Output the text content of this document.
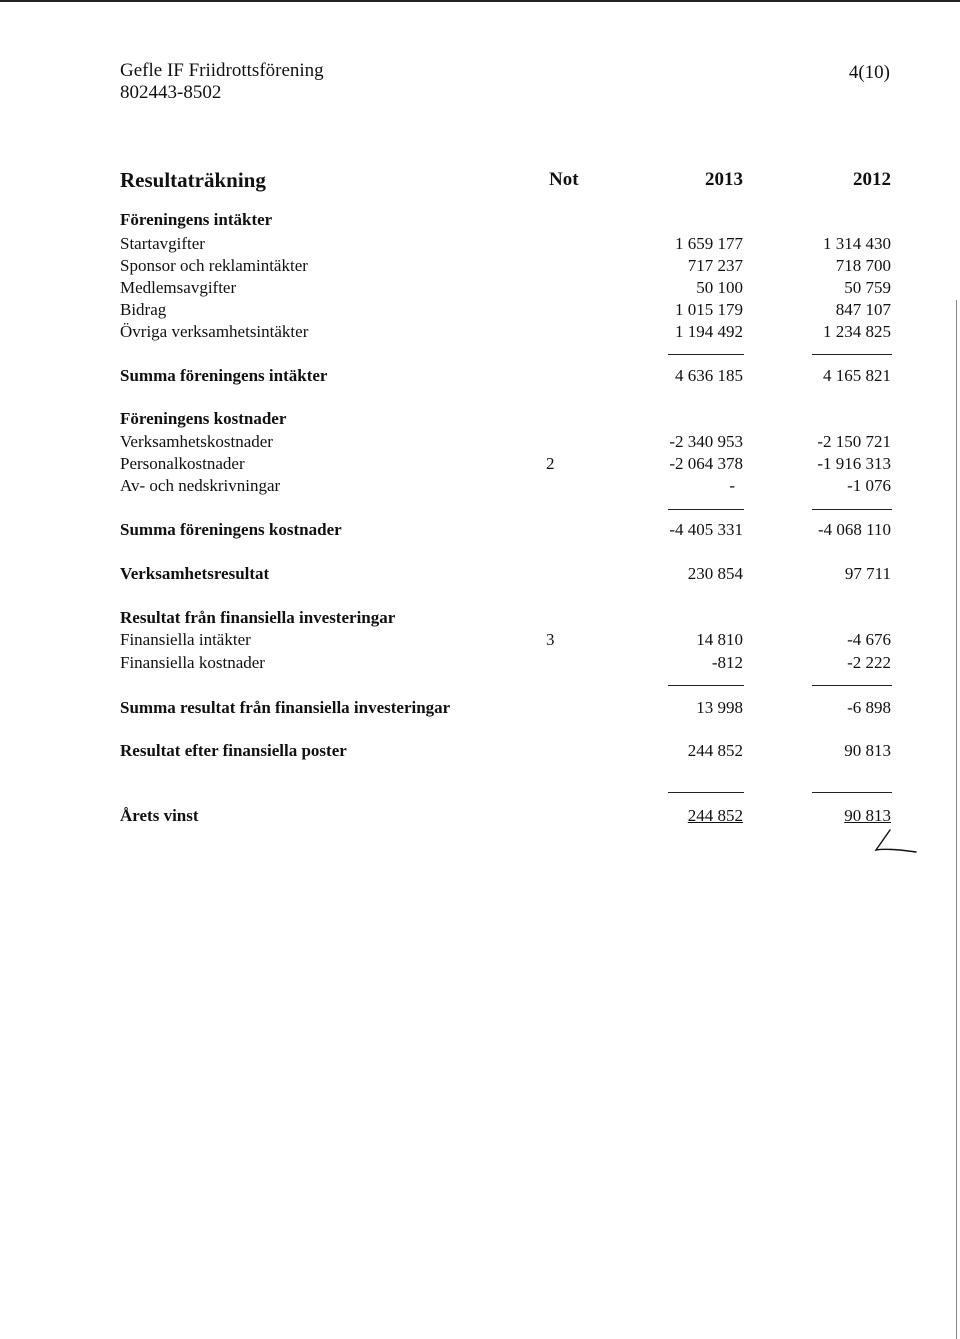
Gefle IF Friidrottsförening
802443-8502
4(10)
Resultaträkning	Not	2013	2012
Föreningens intäkter
Startavgifter	1 659 177	1 314 430
Sponsor och reklamintäkter	717 237	718 700
Medlemsavgifter	50 100	50 759
Bidrag	1 015 179	847 107
Övriga verksamhetsintäkter	1 194 492	1 234 825
Summa föreningens intäkter	4 636 185	4 165 821
Föreningens kostnader
Verksamhetskostnader	-2 340 953	-2 150 721
Personalkostnader	2	-2 064 378	-1 916 313
Av- och nedskrivningar	-	-1 076
Summa föreningens kostnader	-4 405 331	-4 068 110
Verksamhetsresultat	230 854	97 711
Resultat från finansiella investeringar
Finansiella intäkter	3	14 810	-4 676
Finansiella kostnader	-812	-2 222
Summa resultat från finansiella investeringar	13 998	-6 898
Resultat efter finansiella poster	244 852	90 813
Årets vinst	244 852	90 813
